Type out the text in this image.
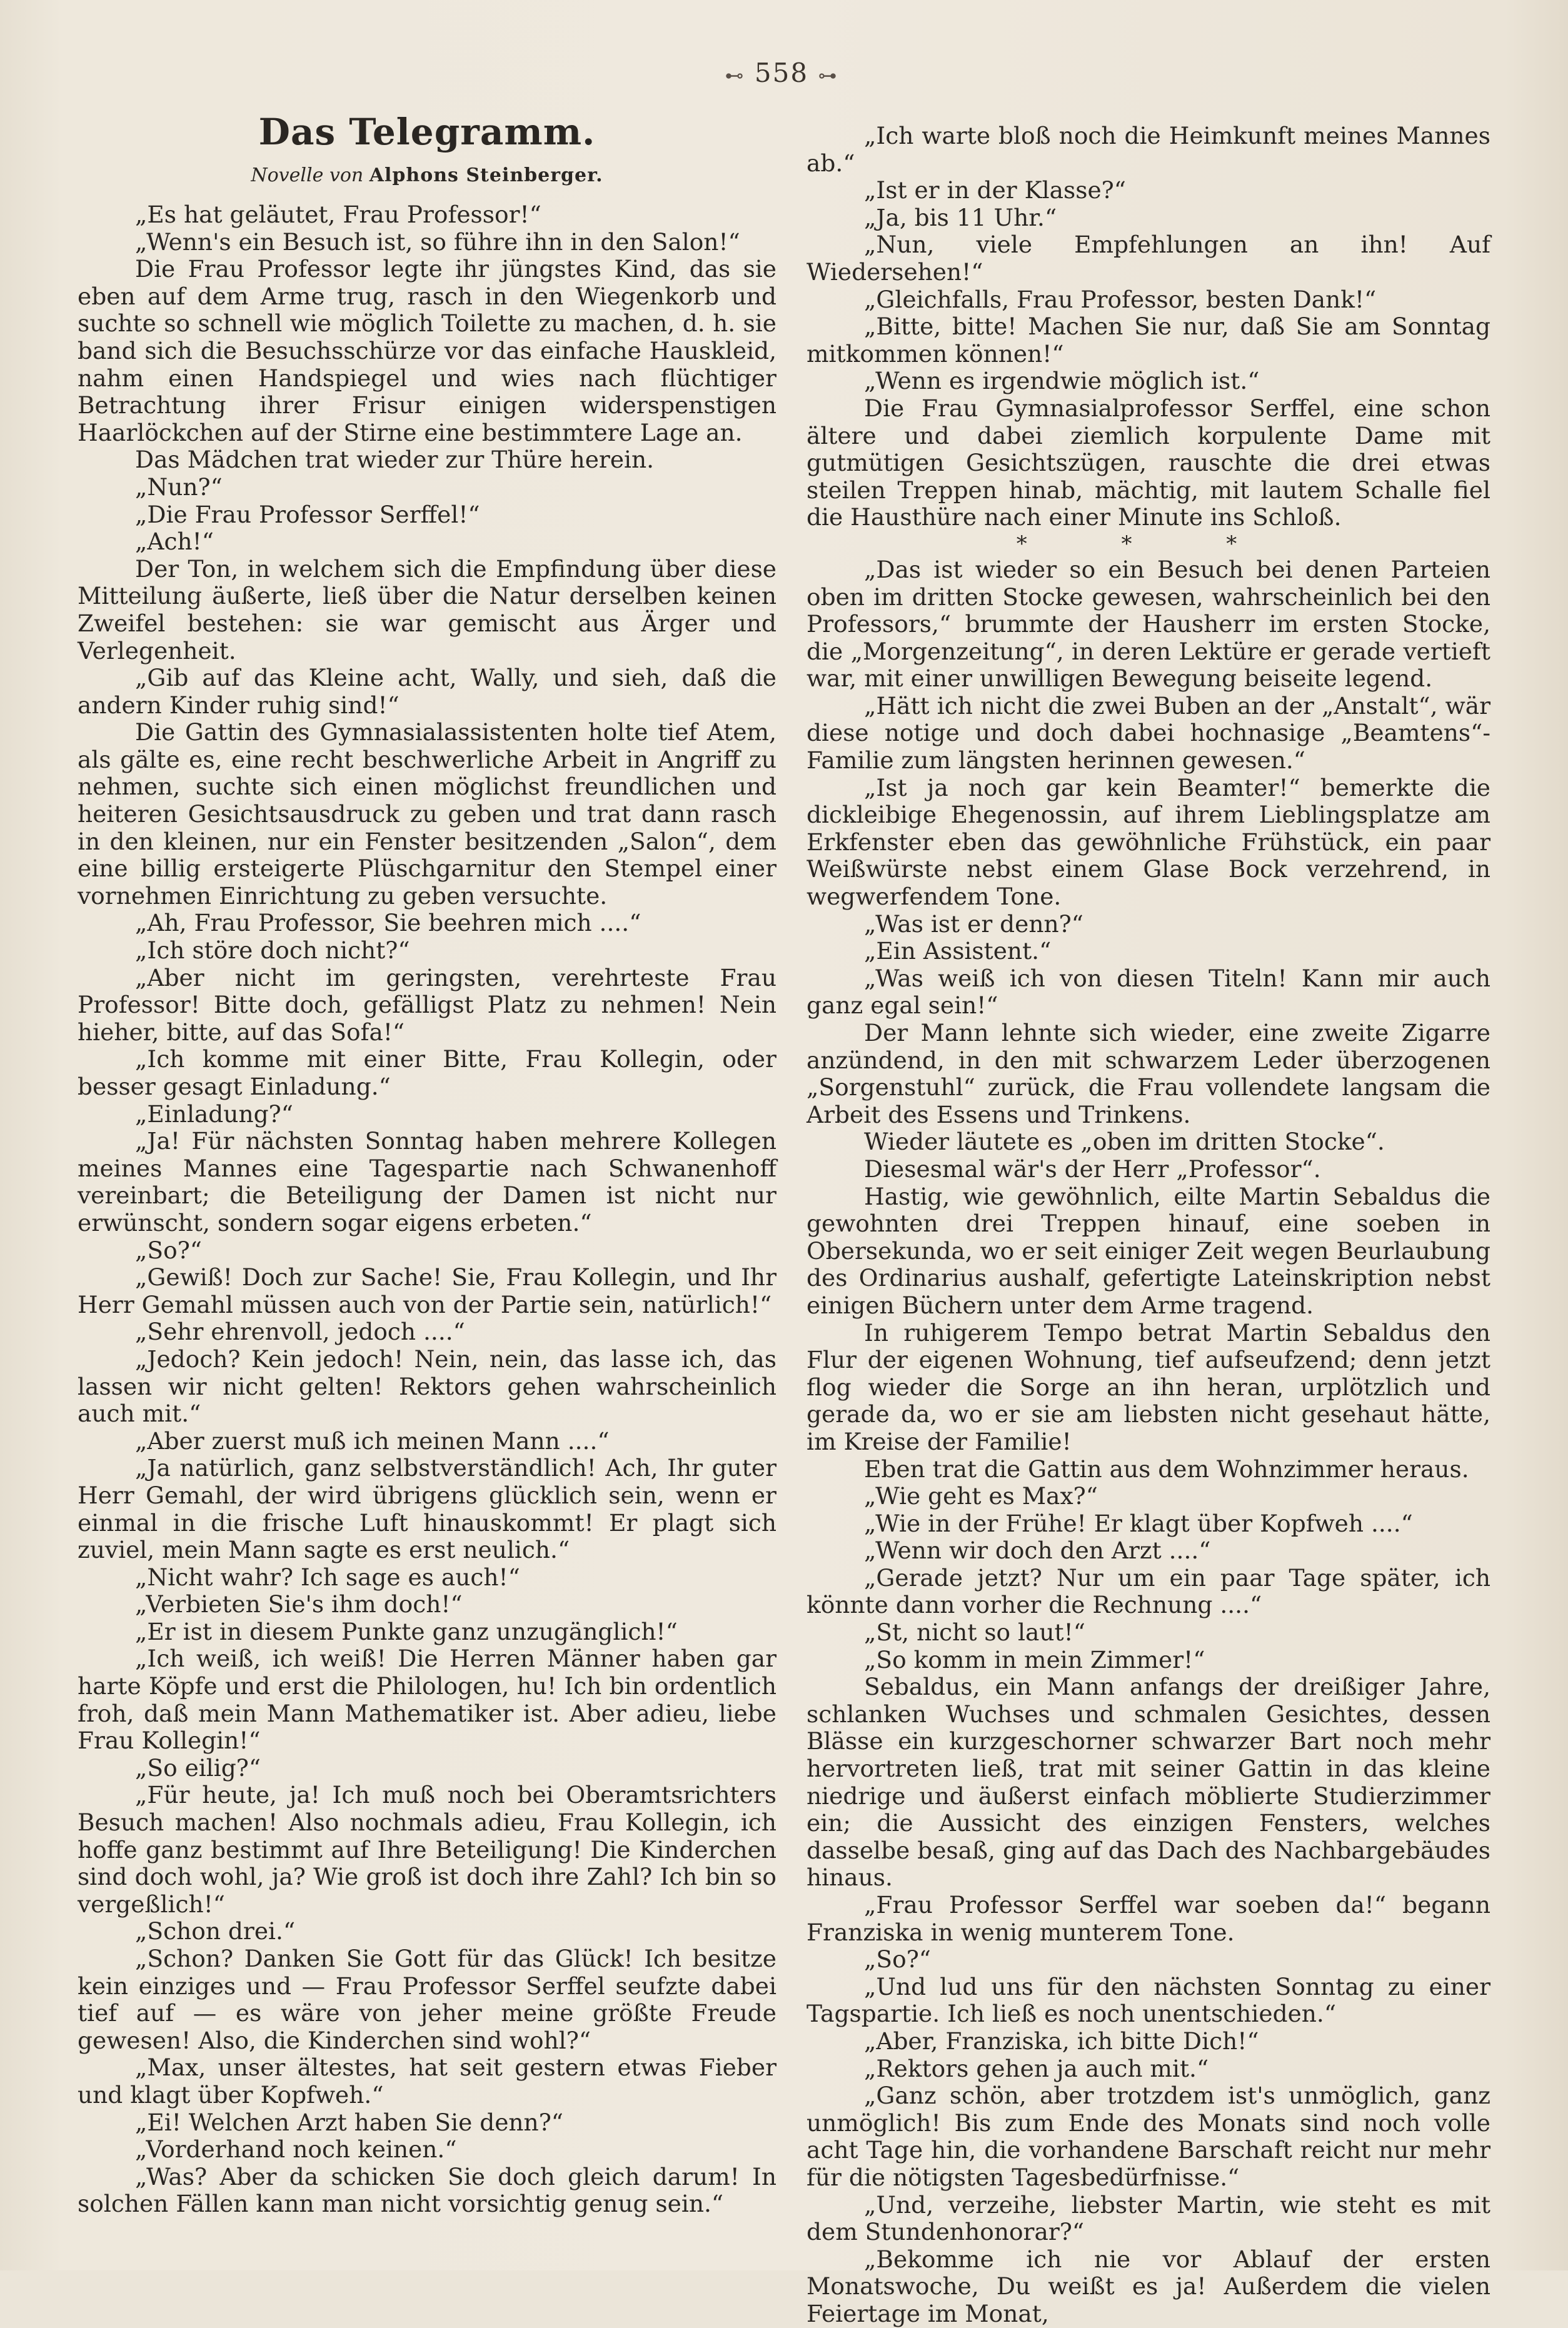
⊷ 558 ⊶
Das Telegramm.
Novelle von Alphons Steinberger.

„Es hat geläutet, Frau Professor!“

„Wenn's ein Besuch ist, so führe ihn in den Salon!“

Die Frau Professor legte ihr jüngstes Kind, das sie eben auf dem Arme trug, rasch in den Wiegenkorb und suchte so schnell wie möglich Toilette zu machen, d. h. sie band sich die Besuchsschürze vor das einfache Hauskleid, nahm einen Handspiegel und wies nach flüchtiger Betrachtung ihrer Frisur einigen widerspenstigen Haarlöckchen auf der Stirne eine bestimmtere Lage an.

Das Mädchen trat wieder zur Thüre herein.

„Nun?“

„Die Frau Professor Serffel!“

„Ach!“

Der Ton, in welchem sich die Empfindung über diese Mitteilung äußerte, ließ über die Natur derselben keinen Zweifel bestehen: sie war gemischt aus Ärger und Verlegenheit.

„Gib auf das Kleine acht, Wally, und sieh, daß die andern Kinder ruhig sind!“

Die Gattin des Gymnasialassistenten holte tief Atem, als gälte es, eine recht beschwerliche Arbeit in Angriff zu nehmen, suchte sich einen möglichst freundlichen und heiteren Gesichtsausdruck zu geben und trat dann rasch in den kleinen, nur ein Fenster besitzenden „Salon“, dem eine billig ersteigerte Plüschgarnitur den Stempel einer vornehmen Einrichtung zu geben versuchte.

„Ah, Frau Professor, Sie beehren mich ....“

„Ich störe doch nicht?“

„Aber nicht im geringsten, verehrteste Frau Professor! Bitte doch, gefälligst Platz zu nehmen! Nein hieher, bitte, auf das Sofa!“

„Ich komme mit einer Bitte, Frau Kollegin, oder besser gesagt Einladung.“

„Einladung?“

„Ja! Für nächsten Sonntag haben mehrere Kollegen meines Mannes eine Tagespartie nach Schwanenhoff vereinbart; die Beteiligung der Damen ist nicht nur erwünscht, sondern sogar eigens erbeten.“

„So?“

„Gewiß! Doch zur Sache! Sie, Frau Kollegin, und Ihr Herr Gemahl müssen auch von der Partie sein, natürlich!“

„Sehr ehrenvoll, jedoch ....“

„Jedoch? Kein jedoch! Nein, nein, das lasse ich, das lassen wir nicht gelten! Rektors gehen wahrscheinlich auch mit.“

„Aber zuerst muß ich meinen Mann ....“

„Ja natürlich, ganz selbstverständlich! Ach, Ihr guter Herr Gemahl, der wird übrigens glücklich sein, wenn er einmal in die frische Luft hinauskommt! Er plagt sich zuviel, mein Mann sagte es erst neulich.“

„Nicht wahr? Ich sage es auch!“

„Verbieten Sie's ihm doch!“

„Er ist in diesem Punkte ganz unzugänglich!“

„Ich weiß, ich weiß! Die Herren Männer haben gar harte Köpfe und erst die Philologen, hu! Ich bin ordentlich froh, daß mein Mann Mathematiker ist. Aber adieu, liebe Frau Kollegin!“

„So eilig?“

„Für heute, ja! Ich muß noch bei Oberamtsrichters Besuch machen! Also nochmals adieu, Frau Kollegin, ich hoffe ganz bestimmt auf Ihre Beteiligung! Die Kinderchen sind doch wohl, ja? Wie groß ist doch ihre Zahl? Ich bin so vergeßlich!“

„Schon drei.“

„Schon? Danken Sie Gott für das Glück! Ich besitze kein einziges und — Frau Professor Serffel seufzte dabei tief auf — es wäre von jeher meine größte Freude gewesen! Also, die Kinderchen sind wohl?“

„Max, unser ältestes, hat seit gestern etwas Fieber und klagt über Kopfweh.“

„Ei! Welchen Arzt haben Sie denn?“

„Vorderhand noch keinen.“

„Was? Aber da schicken Sie doch gleich darum! In solchen Fällen kann man nicht vorsichtig genug sein.“

„Ich warte bloß noch die Heimkunft meines Mannes ab.“

„Ist er in der Klasse?“

„Ja, bis 11 Uhr.“

„Nun, viele Empfehlungen an ihn! Auf Wiedersehen!“

„Gleichfalls, Frau Professor, besten Dank!“

„Bitte, bitte! Machen Sie nur, daß Sie am Sonntag mitkommen können!“

„Wenn es irgendwie möglich ist.“

Die Frau Gymnasialprofessor Serffel, eine schon ältere und dabei ziemlich korpulente Dame mit gutmütigen Gesichtszügen, rauschte die drei etwas steilen Treppen hinab, mächtig, mit lautem Schalle fiel die Hausthüre nach einer Minute ins Schloß.

* * *

„Das ist wieder so ein Besuch bei denen Parteien oben im dritten Stocke gewesen, wahrscheinlich bei den Professors,“ brummte der Hausherr im ersten Stocke, die „Morgenzeitung“, in deren Lektüre er gerade vertieft war, mit einer unwilligen Bewegung beiseite legend.

„Hätt ich nicht die zwei Buben an der „Anstalt“, wär diese notige und doch dabei hochnasige „Beamtens“-Familie zum längsten herinnen gewesen.“

„Ist ja noch gar kein Beamter!“ bemerkte die dickleibige Ehegenossin, auf ihrem Lieblingsplatze am Erkfenster eben das gewöhnliche Frühstück, ein paar Weißwürste nebst einem Glase Bock verzehrend, in wegwerfendem Tone.

„Was ist er denn?“

„Ein Assistent.“

„Was weiß ich von diesen Titeln! Kann mir auch ganz egal sein!“

Der Mann lehnte sich wieder, eine zweite Zigarre anzündend, in den mit schwarzem Leder überzogenen „Sorgenstuhl“ zurück, die Frau vollendete langsam die Arbeit des Essens und Trinkens.

Wieder läutete es „oben im dritten Stocke“.

Diesesmal wär's der Herr „Professor“.

Hastig, wie gewöhnlich, eilte Martin Sebaldus die gewohnten drei Treppen hinauf, eine soeben in Obersekunda, wo er seit einiger Zeit wegen Beurlaubung des Ordinarius aushalf, gefertigte Lateinskription nebst einigen Büchern unter dem Arme tragend.

In ruhigerem Tempo betrat Martin Sebaldus den Flur der eigenen Wohnung, tief aufseufzend; denn jetzt flog wieder die Sorge an ihn heran, urplötzlich und gerade da, wo er sie am liebsten nicht gesehaut hätte, im Kreise der Familie!

Eben trat die Gattin aus dem Wohnzimmer heraus.

„Wie geht es Max?“

„Wie in der Frühe! Er klagt über Kopfweh ....“

„Wenn wir doch den Arzt ....“

„Gerade jetzt? Nur um ein paar Tage später, ich könnte dann vorher die Rechnung ....“

„St, nicht so laut!“

„So komm in mein Zimmer!“

Sebaldus, ein Mann anfangs der dreißiger Jahre, schlanken Wuchses und schmalen Gesichtes, dessen Blässe ein kurzgeschorner schwarzer Bart noch mehr hervortreten ließ, trat mit seiner Gattin in das kleine niedrige und äußerst einfach möblierte Studierzimmer ein; die Aussicht des einzigen Fensters, welches dasselbe besaß, ging auf das Dach des Nachbargebäudes hinaus.

„Frau Professor Serffel war soeben da!“ begann Franziska in wenig munterem Tone.

„So?“

„Und lud uns für den nächsten Sonntag zu einer Tagspartie. Ich ließ es noch unentschieden.“

„Aber, Franziska, ich bitte Dich!“

„Rektors gehen ja auch mit.“

„Ganz schön, aber trotzdem ist's unmöglich, ganz unmöglich! Bis zum Ende des Monats sind noch volle acht Tage hin, die vorhandene Barschaft reicht nur mehr für die nötigsten Tagesbedürfnisse.“

„Und, verzeihe, liebster Martin, wie steht es mit dem Stundenhonorar?“

„Bekomme ich nie vor Ablauf der ersten Monatswoche, Du weißt es ja! Außerdem die vielen Feiertage im Monat,
